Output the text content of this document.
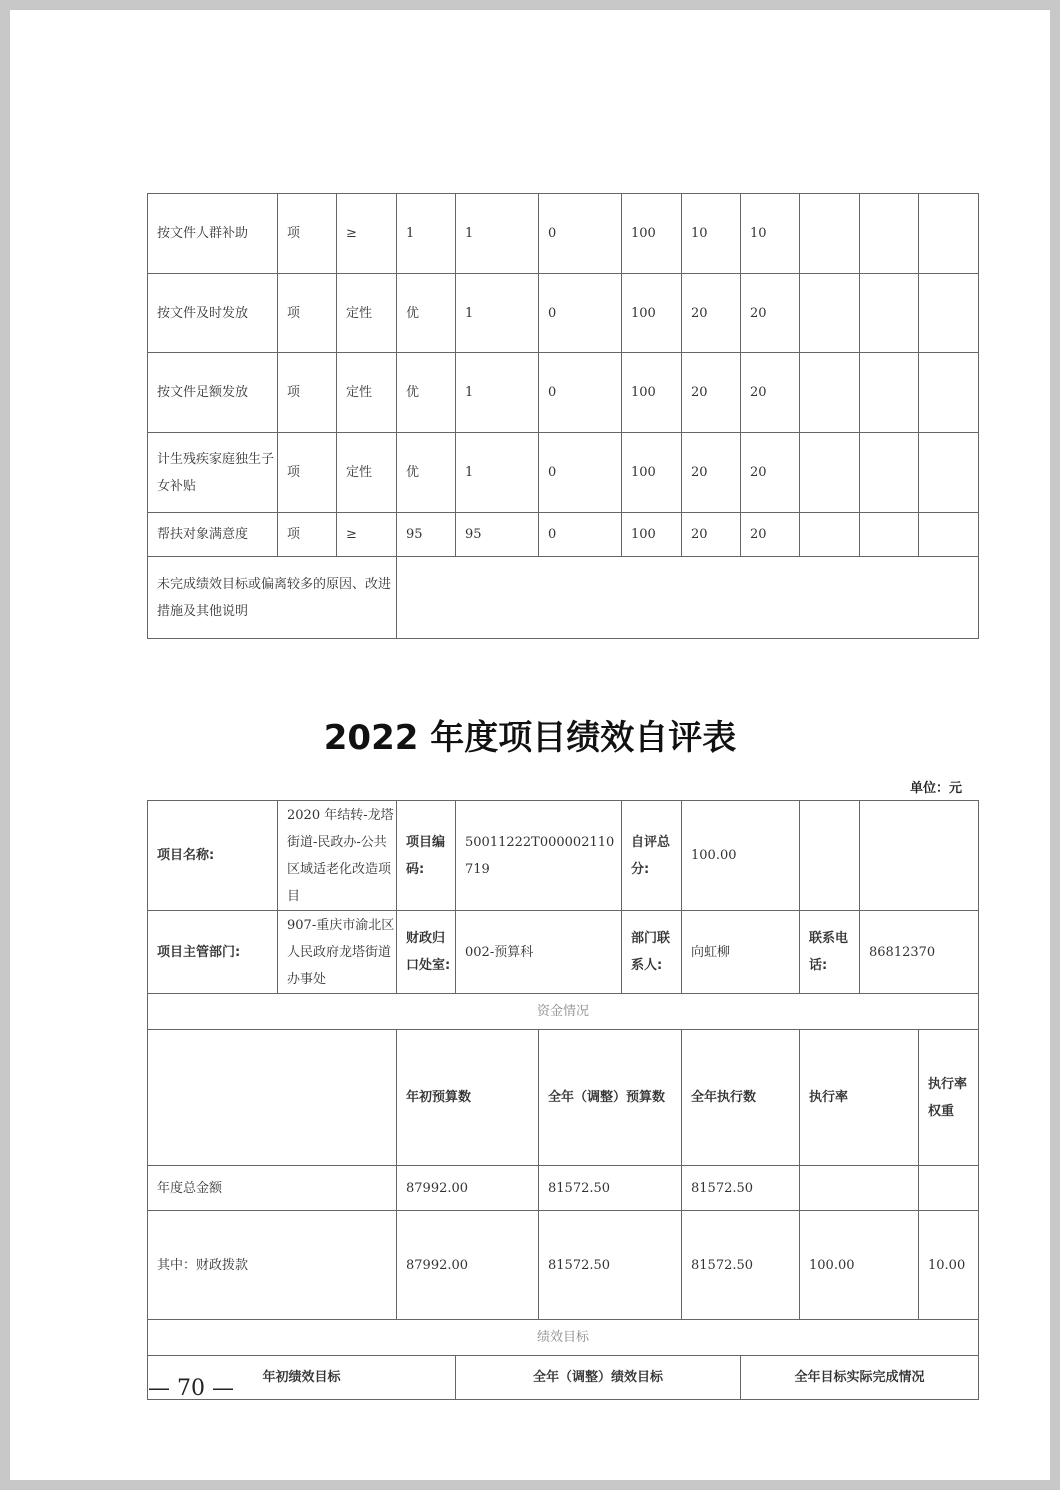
按文件人群补助	项	≥	1	1	0	100	10	10			
按文件及时发放	项	定性	优	1	0	100	20	20			
按文件足额发放	项	定性	优	1	0	100	20	20			
计生残疾家庭独生子女补贴	项	定性	优	1	0	100	20	20			
帮扶对象满意度	项	≥	95	95	0	100	20	20			
未完成绩效目标或偏离较多的原因、改进措施及其他说明											
2022 年度项目绩效自评表
单位：元
项目名称:	2020 年结转-龙塔街道-民政办-公共区域适老化改造项目	项目编码:	50011222T000002110719		自评总分:	100.00					
项目主管部门:	907-重庆市渝北区人民政府龙塔街道办事处	财政归口处室:	002-预算科		部门联系人:	向虹柳		联系电话:	86812370		
资金情况											
		年初预算数		全年（调整）预算数		全年执行数		执行率		执行率权重	
年度总金额		87992.00		81572.50		81572.50					
其中：财政拨款		87992.00		81572.50		81572.50		100.00		10.00	
绩效目标											
年初绩效目标			全年（调整）绩效目标				全年目标实际完成情况				
— 70 —
